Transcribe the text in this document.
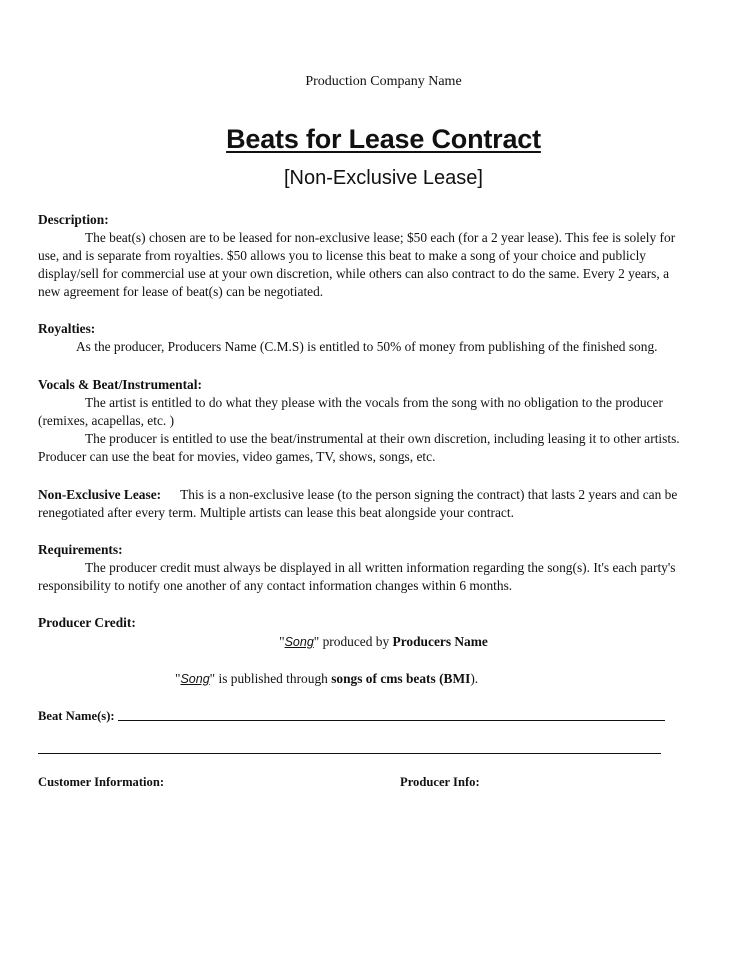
Production Company Name
Beats for Lease Contract
[Non-Exclusive Lease]
Description:
The beat(s) chosen are to be leased for non-exclusive lease; $50 each (for a 2 year lease). This fee is solely for
use, and is separate from royalties. $50 allows you to license this beat to make a song of your choice and publicly
display/sell for commercial use at your own discretion, while others can also contract to do the same. Every 2 years, a
new agreement for lease of beat(s) can be negotiated.
Royalties:
As the producer, Producers Name (C.M.S) is entitled to 50% of money from publishing of the finished song.
Vocals & Beat/Instrumental:
The artist is entitled to do what they please with the vocals from the song with no obligation to the producer
(remixes, acapellas, etc. )
The producer is entitled to use the beat/instrumental at their own discretion, including leasing it to other artists.
Producer can use the beat for movies, video games, TV, shows, songs, etc.
Non-Exclusive Lease: This is a non-exclusive lease (to the person signing the contract) that lasts 2 years and can be
renegotiated after every term. Multiple artists can lease this beat alongside your contract.
Requirements:
The producer credit must always be displayed in all written information regarding the song(s). It's each party's
responsibility to notify one another of any contact information changes within 6 months.
Producer Credit:
"Song" produced by Producers Name
"Song" is published through songs of cms beats (BMI).
Beat Name(s):
Customer Information:	Producer Info:
